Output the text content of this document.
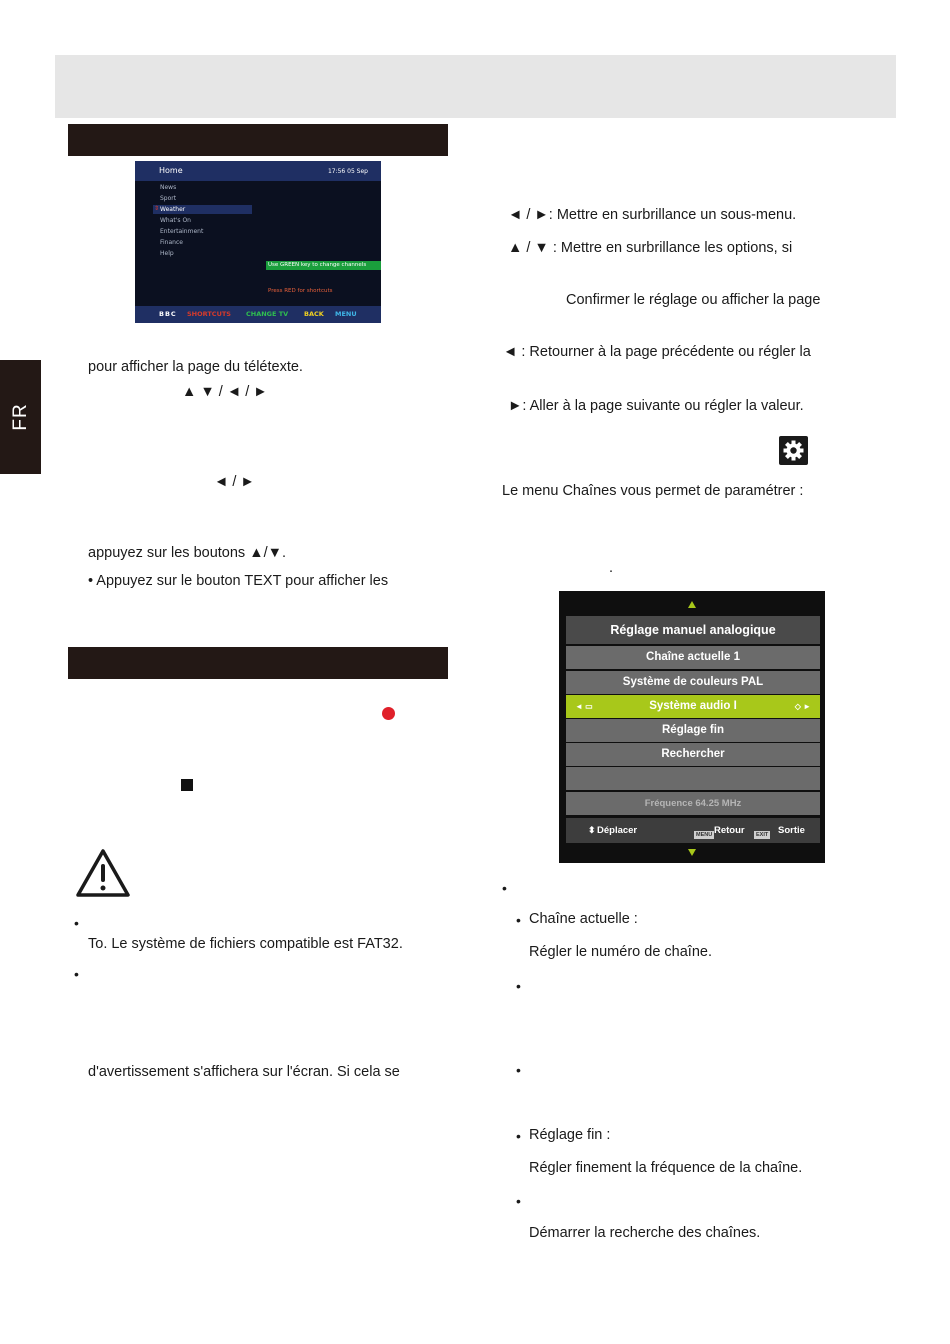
FR
Home	17:56 05 Sep
⇕
News
Sport
Weather
What's On
Entertainment
Finance
Help
Use GREEN key to change channels
Press RED for shortcuts
BBC SHORTCUTS CHANGE TV BACK MENU
pour afficher la page du télétexte.
▲ ▼ / ◄ / ►
◄ / ►
appuyez sur les boutons ▲/▼.
• Appuyez sur le bouton TEXT pour afficher les
•
To. Le système de fichiers compatible est FAT32.
•
d'avertissement s'affichera sur l'écran. Si cela se
◄ / ►: Mettre en surbrillance un sous-menu.
▲ / ▼ : Mettre en surbrillance les options, si
Confirmer le réglage ou afficher la page
◄ : Retourner à la page précédente ou régler la
►: Aller à la page suivante ou régler la valeur.
Le menu Chaînes vous permet de paramétrer :
.
Réglage manuel analogique
Chaîne actuelle 1
Système de couleurs PAL
◄ ▭	Système audio I	◇ ►
Réglage fin
Rechercher
Fréquence 64.25 MHz
⬍ Déplacer	MENU Retour	EXIT Sortie
•
• Chaîne actuelle :
Régler le numéro de chaîne.
•
•
• Réglage fin :
Régler finement la fréquence de la chaîne.
•
Démarrer la recherche des chaînes.
